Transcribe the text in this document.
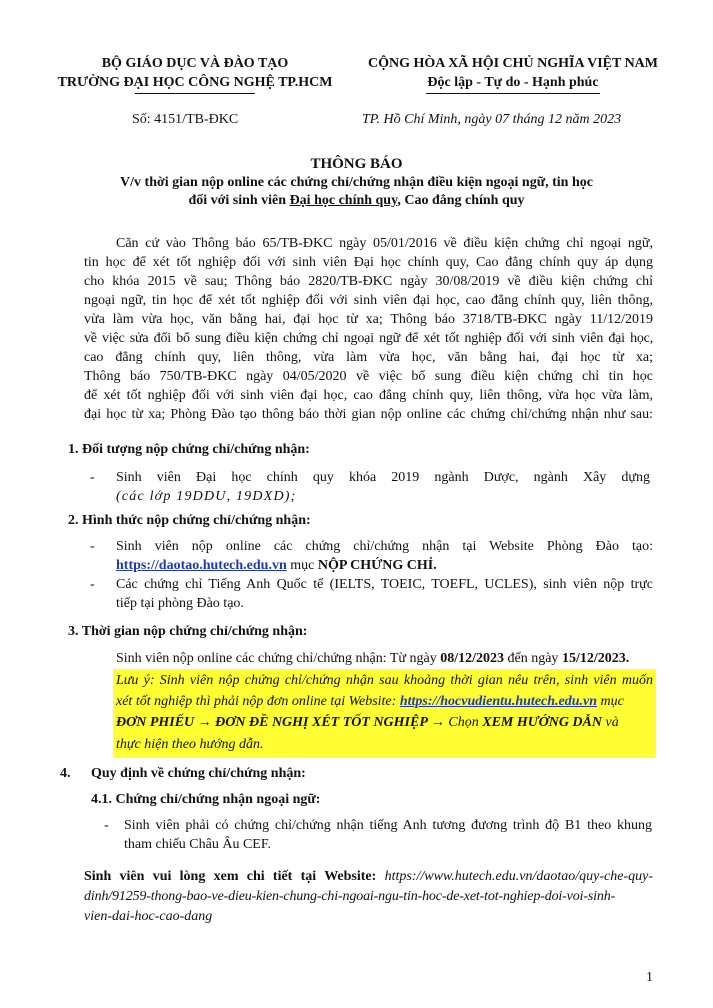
BỘ GIÁO DỤC VÀ ĐÀO TẠO
TRƯỜNG ĐẠI HỌC CÔNG NGHỆ TP.HCM
CỘNG HÒA XÃ HỘI CHỦ NGHĨA VIỆT NAM
Độc lập - Tự do - Hạnh phúc
Số: 4151/TB-ĐKC	TP. Hồ Chí Minh, ngày 07 tháng 12 năm 2023
THÔNG BÁO
V/v thời gian nộp online các chứng chỉ/chứng nhận điều kiện ngoại ngữ, tin học
đối với sinh viên Đại học chính quy, Cao đẳng chính quy
Căn cứ vào Thông báo 65/TB-ĐKC ngày 05/01/2016 về điều kiện chứng chỉ ngoại ngữ,
tin học để xét tốt nghiệp đối với sinh viên Đại học chính quy, Cao đẳng chính quy áp dụng
cho khóa 2015 về sau; Thông báo 2820/TB-ĐKC ngày 30/08/2019 về điều kiện chứng chỉ
ngoại ngữ, tin học để xét tốt nghiệp đối với sinh viên đại học, cao đẳng chính quy, liên thông,
vừa làm vừa học, văn bằng hai, đại học từ xa; Thông báo 3718/TB-ĐKC ngày 11/12/2019
về việc sửa đổi bổ sung điều kiện chứng chỉ ngoại ngữ để xét tốt nghiệp đối với sinh viên đại học,
cao đẳng chính quy, liên thông, vừa làm vừa học, văn bằng hai, đại học từ xa;
Thông báo 750/TB-ĐKC ngày 04/05/2020 về việc bổ sung điều kiện chứng chỉ tin học
để xét tốt nghiệp đối với sinh viên đại học, cao đẳng chính quy, liên thông, vừa học vừa làm,
đại học từ xa; Phòng Đào tạo thông báo thời gian nộp online các chứng chỉ/chứng nhận như sau:
1. Đối tượng nộp chứng chỉ/chứng nhận:
- Sinh viên Đại học chính quy khóa 2019 ngành Dược, ngành Xây dựng
(các lớp 19DDU, 19DXD);
2. Hình thức nộp chứng chỉ/chứng nhận:
- Sinh viên nộp online các chứng chỉ/chứng nhận tại Website Phòng Đào tạo:
https://daotao.hutech.edu.vn mục NỘP CHỨNG CHỈ.
- Các chứng chỉ Tiếng Anh Quốc tế (IELTS, TOEIC, TOEFL, UCLES), sinh viên nộp trực
tiếp tại phòng Đào tạo.
3. Thời gian nộp chứng chỉ/chứng nhận:
Sinh viên nộp online các chứng chỉ/chứng nhận: Từ ngày 08/12/2023 đến ngày 15/12/2023.
Lưu ý: Sinh viên nộp chứng chỉ/chứng nhận sau khoảng thời gian nêu trên, sinh viên muốn
xét tốt nghiệp thì phải nộp đơn online tại Website: https://hocvudientu.hutech.edu.vn mục
ĐƠN PHIẾU → ĐƠN ĐỀ NGHỊ XÉT TỐT NGHIỆP → Chọn XEM HƯỚNG DẪN và
thực hiện theo hướng dẫn.
4. Quy định về chứng chỉ/chứng nhận:
4.1. Chứng chỉ/chứng nhận ngoại ngữ:
- Sinh viên phải có chứng chỉ/chứng nhận tiếng Anh tương đương trình độ B1 theo khung
tham chiếu Châu Âu CEF.
Sinh viên vui lòng xem chi tiết tại Website: https://www.hutech.edu.vn/daotao/quy-che-quy-
dinh/91259-thong-bao-ve-dieu-kien-chung-chi-ngoai-ngu-tin-hoc-de-xet-tot-nghiep-doi-voi-sinh-
vien-dai-hoc-cao-dang
1
